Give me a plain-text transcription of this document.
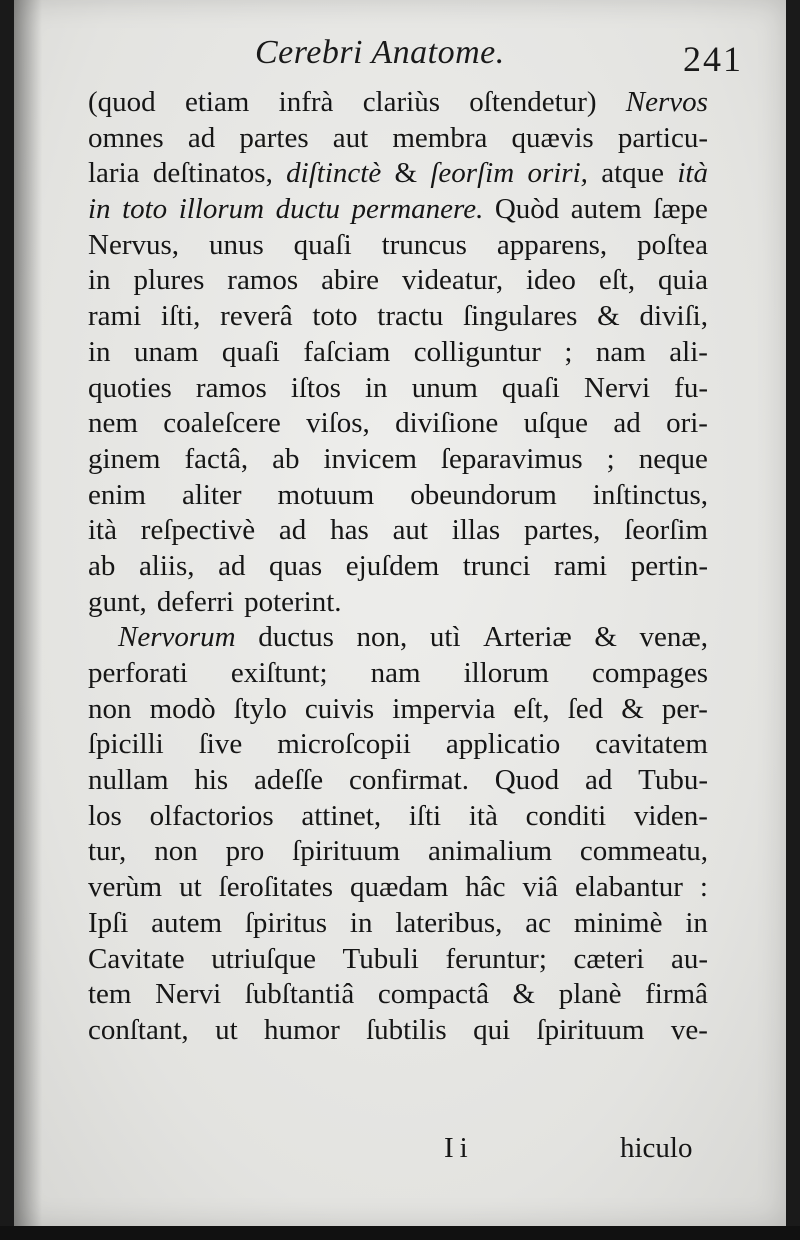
Cerebri Anatome.	241
(quod etiam infrà clariùs oſtendetur) Nervos
omnes ad partes aut membra quævis particu-
laria deſtinatos, diſtinctè & ſeorſim oriri, atque ità
in toto illorum ductu permanere. Quòd autem ſæpe
Nervus, unus quaſi truncus apparens, poſtea
in plures ramos abire videatur, ideo eſt, quia
rami iſti, reverâ toto tractu ſingulares & diviſi,
in unam quaſi faſciam colliguntur ; nam ali-
quoties ramos iſtos in unum quaſi Nervi fu-
nem coaleſcere viſos, diviſione uſque ad ori-
ginem factâ, ab invicem ſeparavimus ; neque
enim aliter motuum obeundorum inſtinctus,
ità reſpectivè ad has aut illas partes, ſeorſim
ab aliis, ad quas ejuſdem trunci rami pertin-
gunt, deferri poterint.
Nervorum ductus non, utì Arteriæ & venæ,
perforati exiſtunt; nam illorum compages
non modò ſtylo cuivis impervia eſt, ſed & per-
ſpicilli ſive microſcopii applicatio cavitatem
nullam his adeſſe confirmat. Quod ad Tubu-
los olfactorios attinet, iſti ità conditi viden-
tur, non pro ſpirituum animalium commeatu,
verùm ut ſeroſitates quædam hâc viâ elabantur :
Ipſi autem ſpiritus in lateribus, ac minimè in
Cavitate utriuſque Tubuli feruntur; cæteri au-
tem Nervi ſubſtantiâ compactâ & planè firmâ
conſtant, ut humor ſubtilis qui ſpirituum ve-
Ii	hiculo
